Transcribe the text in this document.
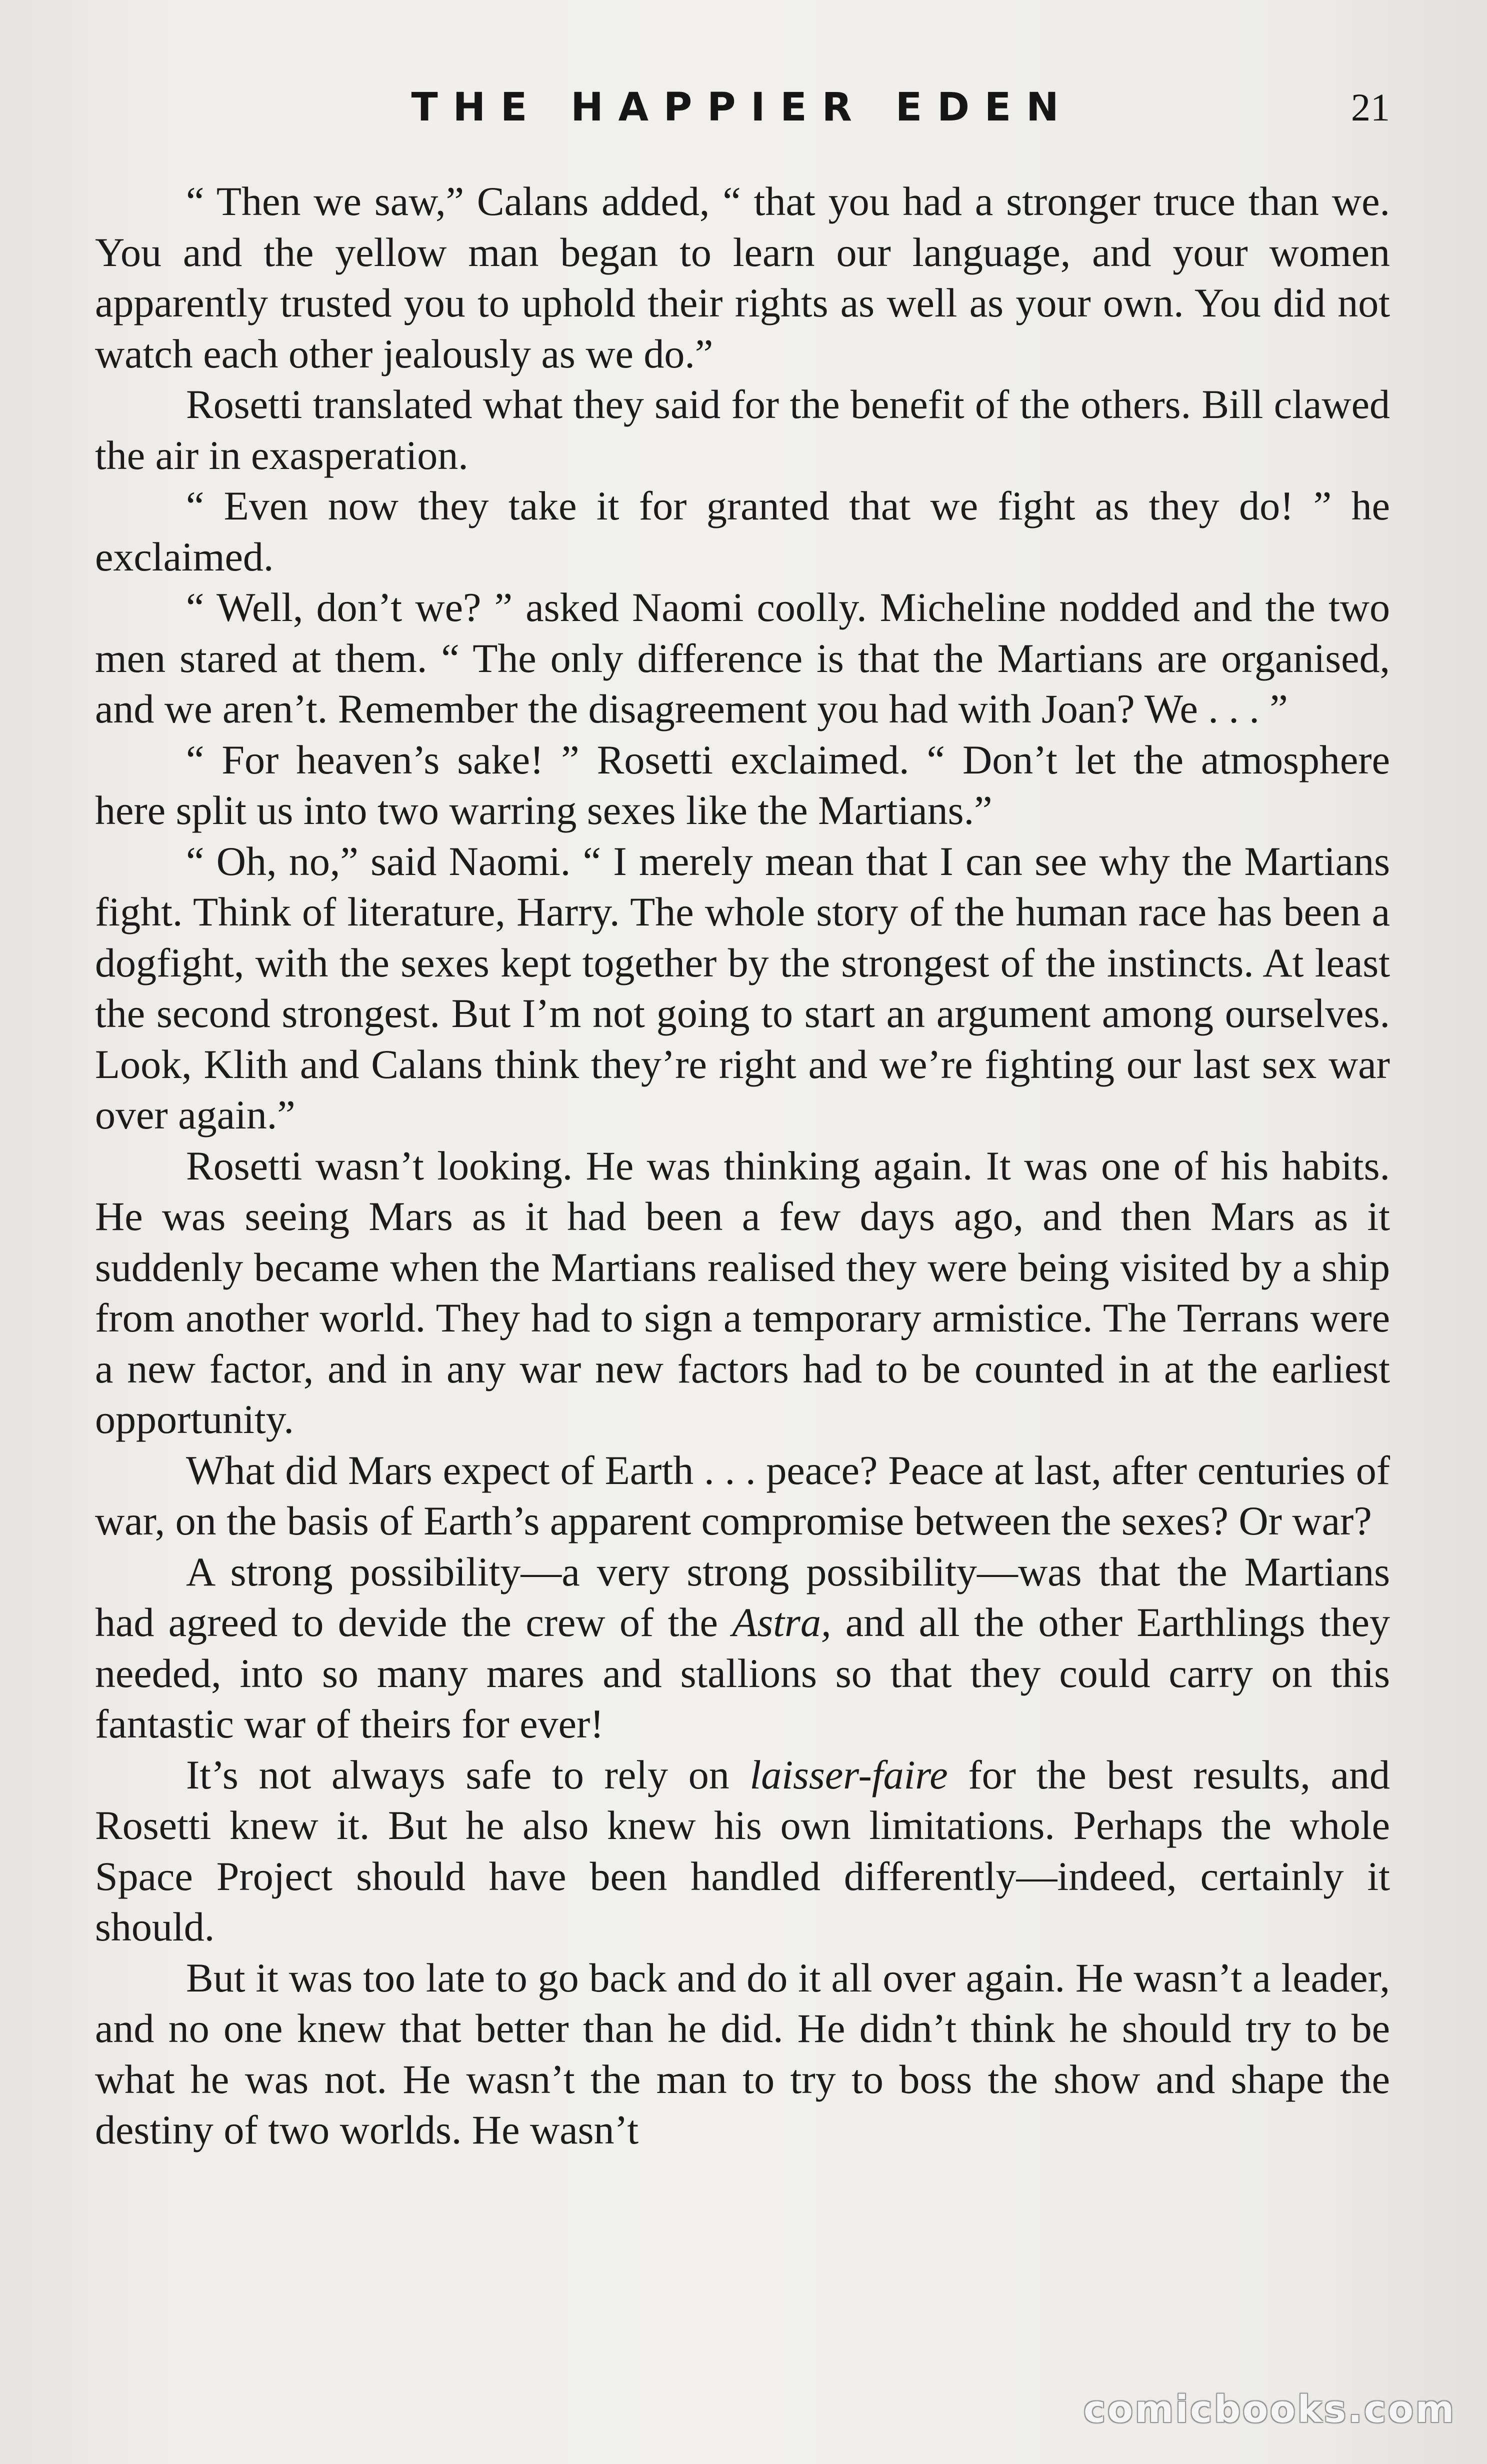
THE HAPPIER EDEN	21

“ Then we saw,” Calans added, “ that you had a stronger truce than we. You and the yellow man began to learn our language, and your women apparently trusted you to uphold their rights as well as your own. You did not watch each other jealously as we do.”

Rosetti translated what they said for the benefit of the others. Bill clawed the air in exasperation.

“ Even now they take it for granted that we fight as they do! ” he exclaimed.

“ Well, don’t we? ” asked Naomi coolly. Micheline nodded and the two men stared at them. “ The only difference is that the Martians are organised, and we aren’t. Remember the disagreement you had with Joan? We . . . ”

“ For heaven’s sake! ” Rosetti exclaimed. “ Don’t let the atmosphere here split us into two warring sexes like the Martians.”

“ Oh, no,” said Naomi. “ I merely mean that I can see why the Martians fight. Think of literature, Harry. The whole story of the human race has been a dogfight, with the sexes kept together by the strongest of the instincts. At least the second strongest. But I’m not going to start an argument among ourselves. Look, Klith and Calans think they’re right and we’re fighting our last sex war over again.”

Rosetti wasn’t looking. He was thinking again. It was one of his habits. He was seeing Mars as it had been a few days ago, and then Mars as it suddenly became when the Martians realised they were being visited by a ship from another world. They had to sign a temporary armistice. The Terrans were a new factor, and in any war new factors had to be counted in at the earliest opportunity.

What did Mars expect of Earth . . . peace? Peace at last, after centuries of war, on the basis of Earth’s apparent compromise between the sexes? Or war?

A strong possibility—a very strong possibility—was that the Martians had agreed to devide the crew of the Astra, and all the other Earthlings they needed, into so many mares and stallions so that they could carry on this fantastic war of theirs for ever!

It’s not always safe to rely on laisser-faire for the best results, and Rosetti knew it. But he also knew his own limitations. Perhaps the whole Space Project should have been handled differently—indeed, certainly it should.

But it was too late to go back and do it all over again. He wasn’t a leader, and no one knew that better than he did. He didn’t think he should try to be what he was not. He wasn’t the man to try to boss the show and shape the destiny of two worlds. He wasn’t

comicbooks.com
